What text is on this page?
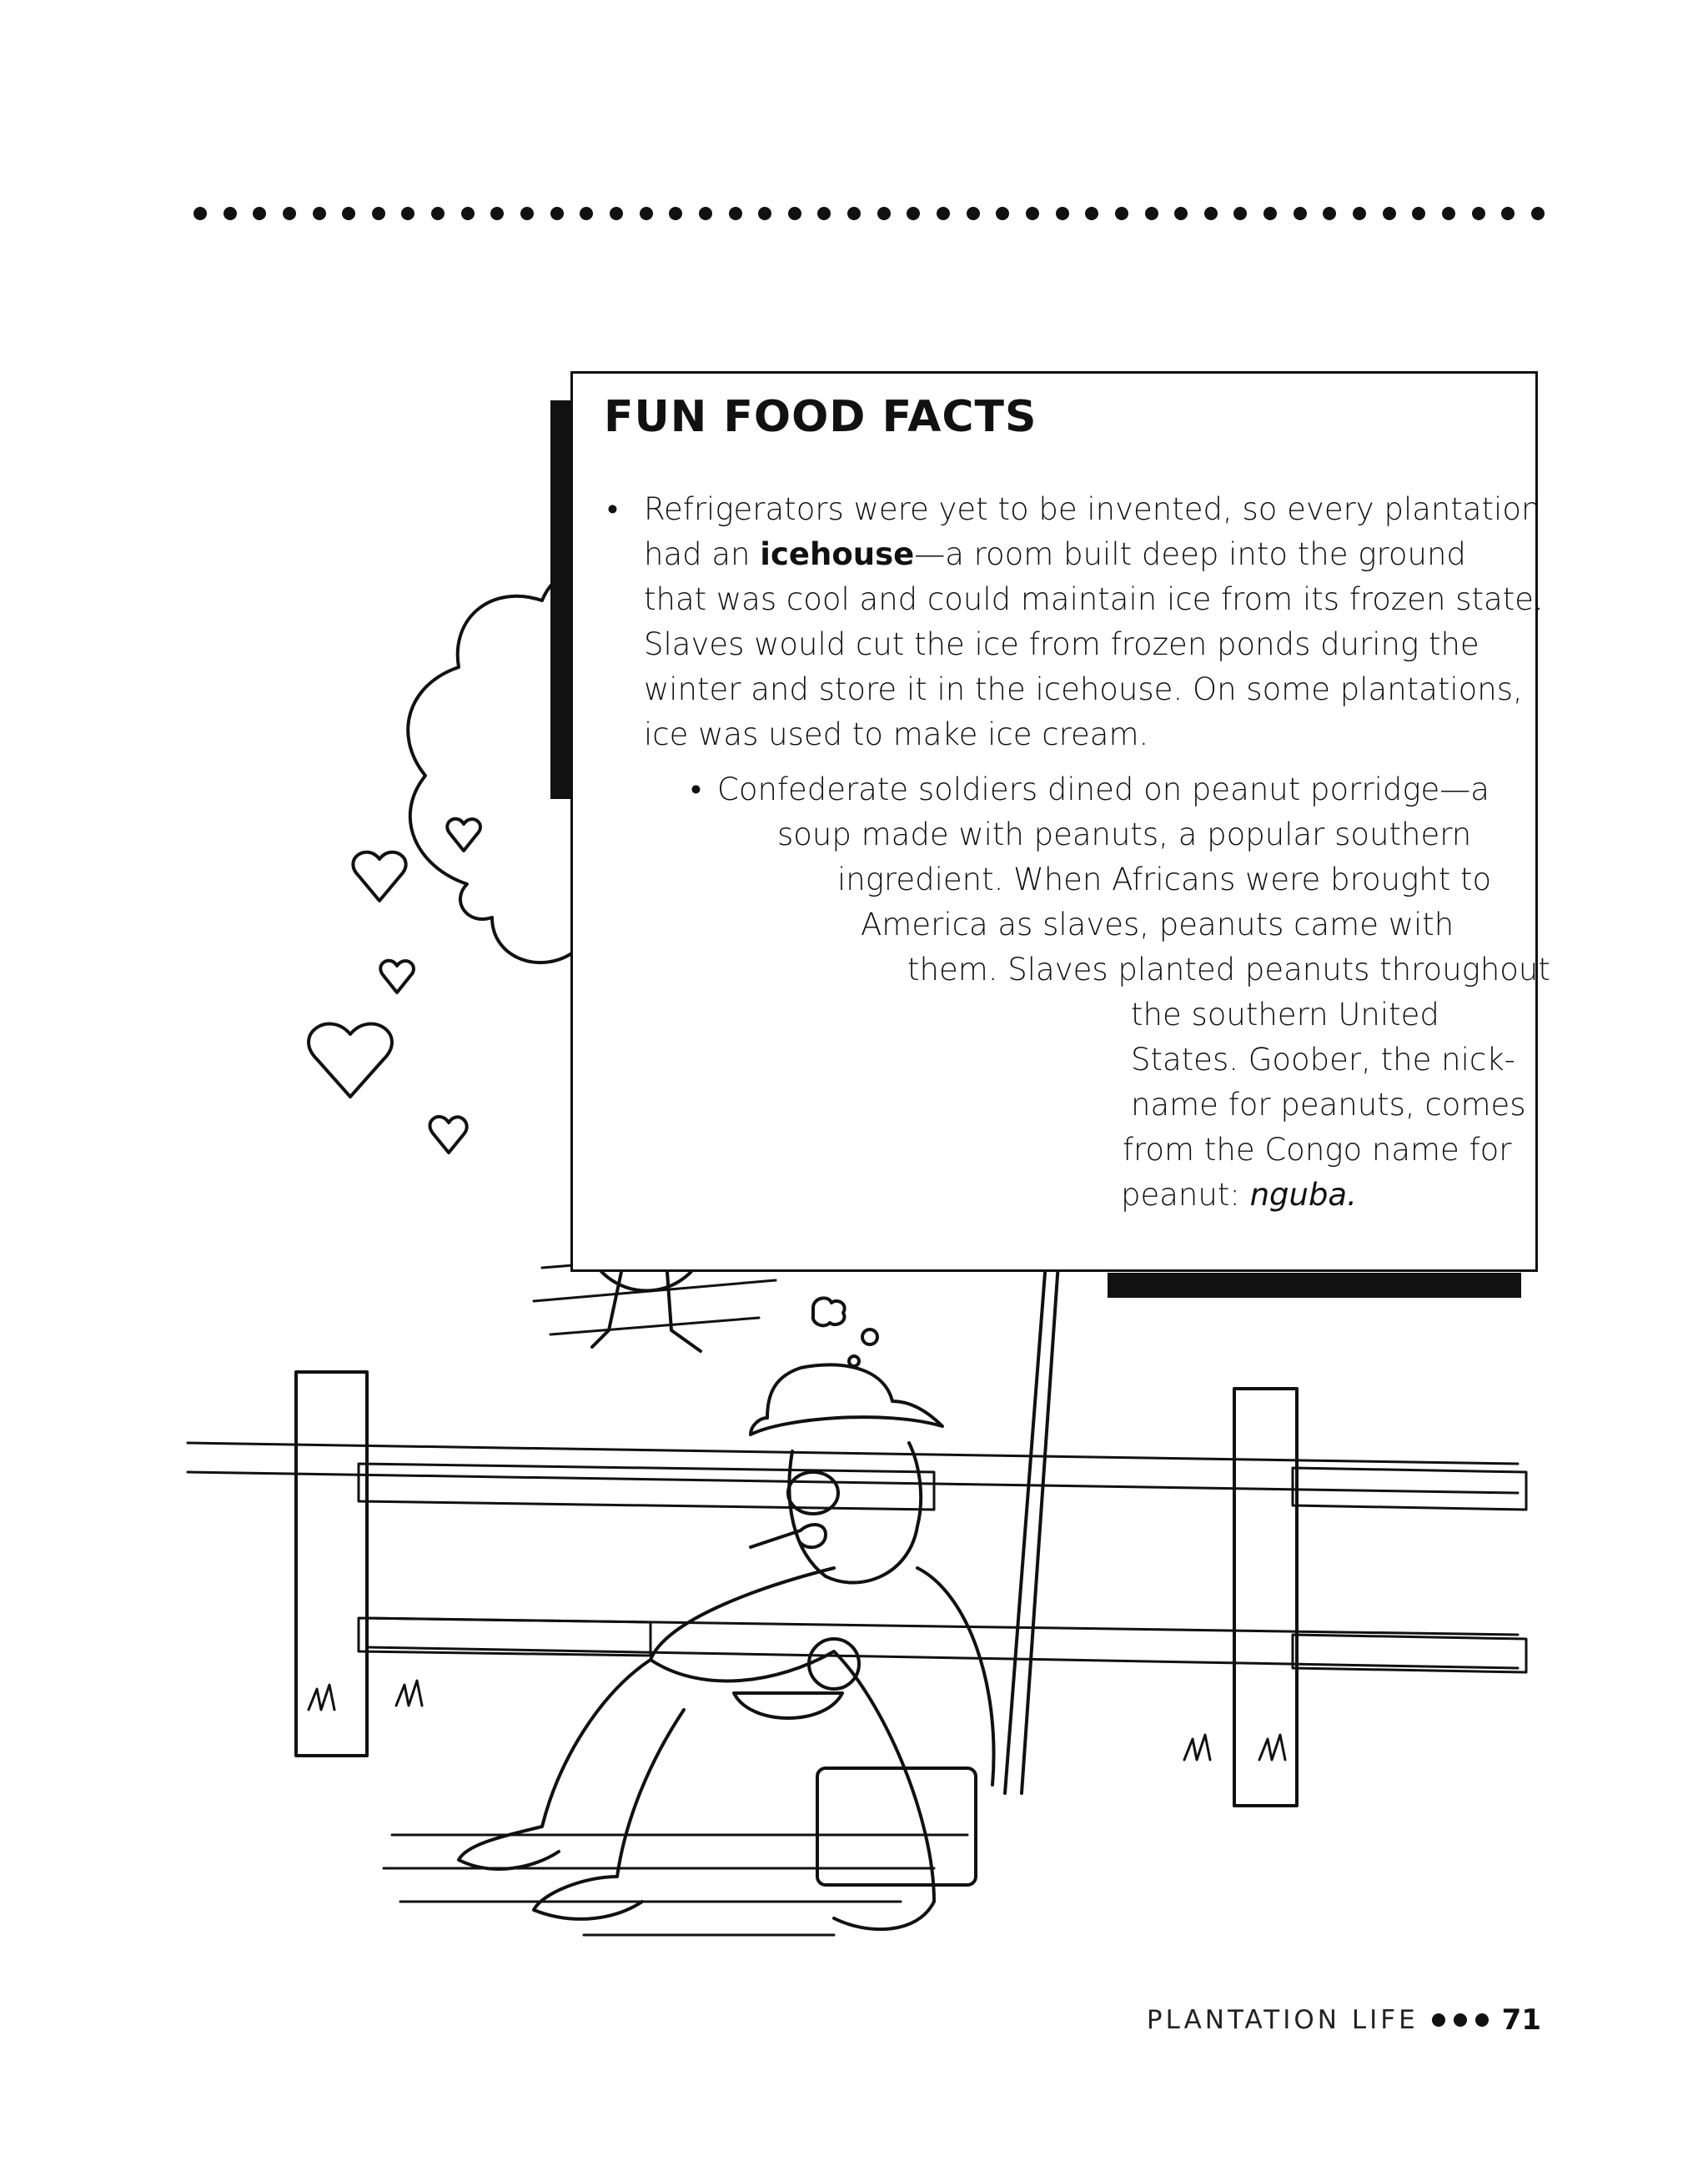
FUN FOOD FACTS
• Refrigerators were yet to be invented, so every plantation
had an icehouse—a room built deep into the ground
that was cool and could maintain ice from its frozen state.
Slaves would cut the ice from frozen ponds during the
winter and store it in the icehouse. On some plantations,
ice was used to make ice cream.
• Confederate soldiers dined on peanut porridge—a
soup made with peanuts, a popular southern
ingredient. When Africans were brought to
America as slaves, peanuts came with
them. Slaves planted peanuts throughout
the southern United
States. Goober, the nick-
name for peanuts, comes
from the Congo name for
peanut: nguba.
PLANTATION LIFE	71
